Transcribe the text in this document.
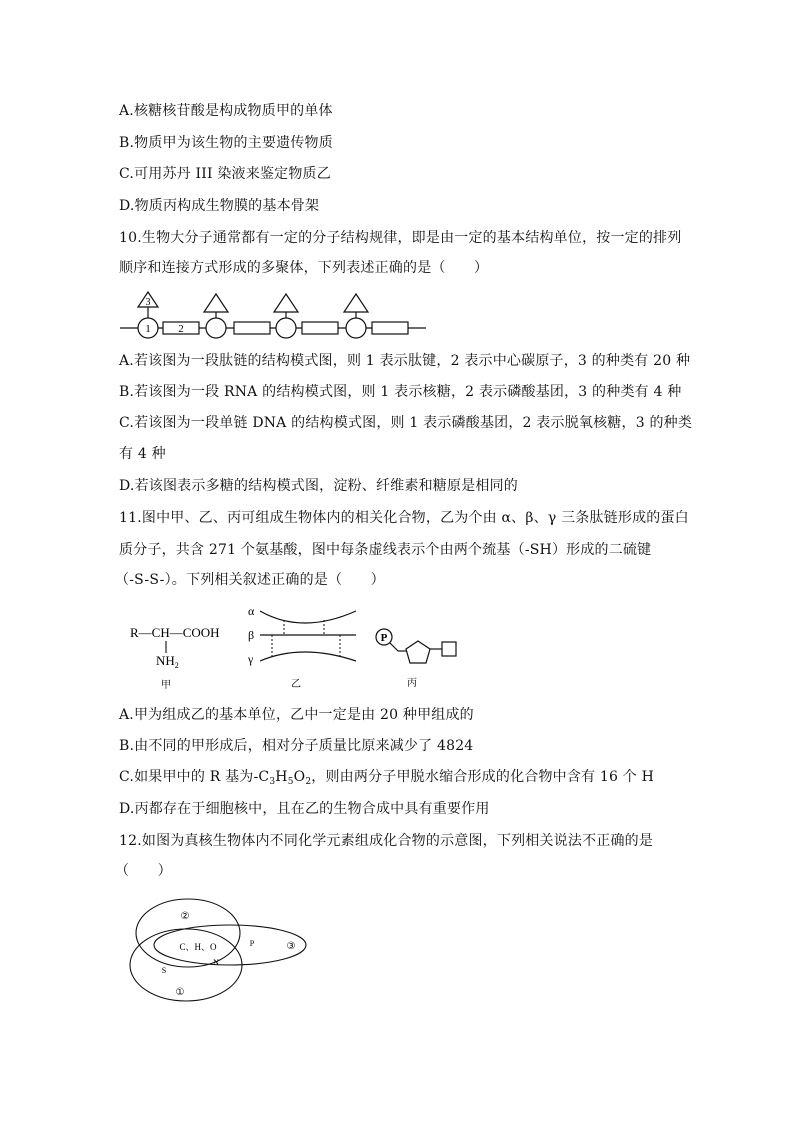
A.核糖核苷酸是构成物质甲的单体
B.物质甲为该生物的主要遗传物质
C.可用苏丹 III 染液来鉴定物质乙
D.物质丙构成生物膜的基本骨架
10.生物大分子通常都有一定的分子结构规律，即是由一定的基本结构单位，按一定的排列
顺序和连接方式形成的多聚体，下列表述正确的是（　　）
3
1	2
A.若该图为一段肽链的结构模式图，则 1 表示肽键，2 表示中心碳原子，3 的种类有 20 种
B.若该图为一段 RNA 的结构模式图，则 1 表示核糖，2 表示磷酸基团，3 的种类有 4 种
C.若该图为一段单链 DNA 的结构模式图，则 1 表示磷酸基团，2 表示脱氧核糖，3 的种类
有 4 种
D.若该图表示多糖的结构模式图，淀粉、纤维素和糖原是相同的
11.图中甲、乙、丙可组成生物体内的相关化合物，乙为个由 α、β、γ 三条肽链形成的蛋白
质分子，共含 271 个氨基酸，图中每条虚线表示个由两个巯基（-SH）形成的二硫键
（-S-S-）。下列相关叙述正确的是（　　）
R—CH—COOH
$NH_2$
甲
α
β
γ
乙
P
丙
A.甲为组成乙的基本单位，乙中一定是由 20 种甲组成的
B.由不同的甲形成后，相对分子质量比原来减少了 4824
C.如果甲中的 R 基为$-C_3H_5O_2$，则由两分子甲脱水缩合形成的化合物中含有 16 个 H
D.丙都存在于细胞核中，且在乙的生物合成中具有重要作用
12.如图为真核生物体内不同化学元素组成化合物的示意图，下列相关说法不正确的是
（　　）
②
③
①
C、H、O
N
P
S
